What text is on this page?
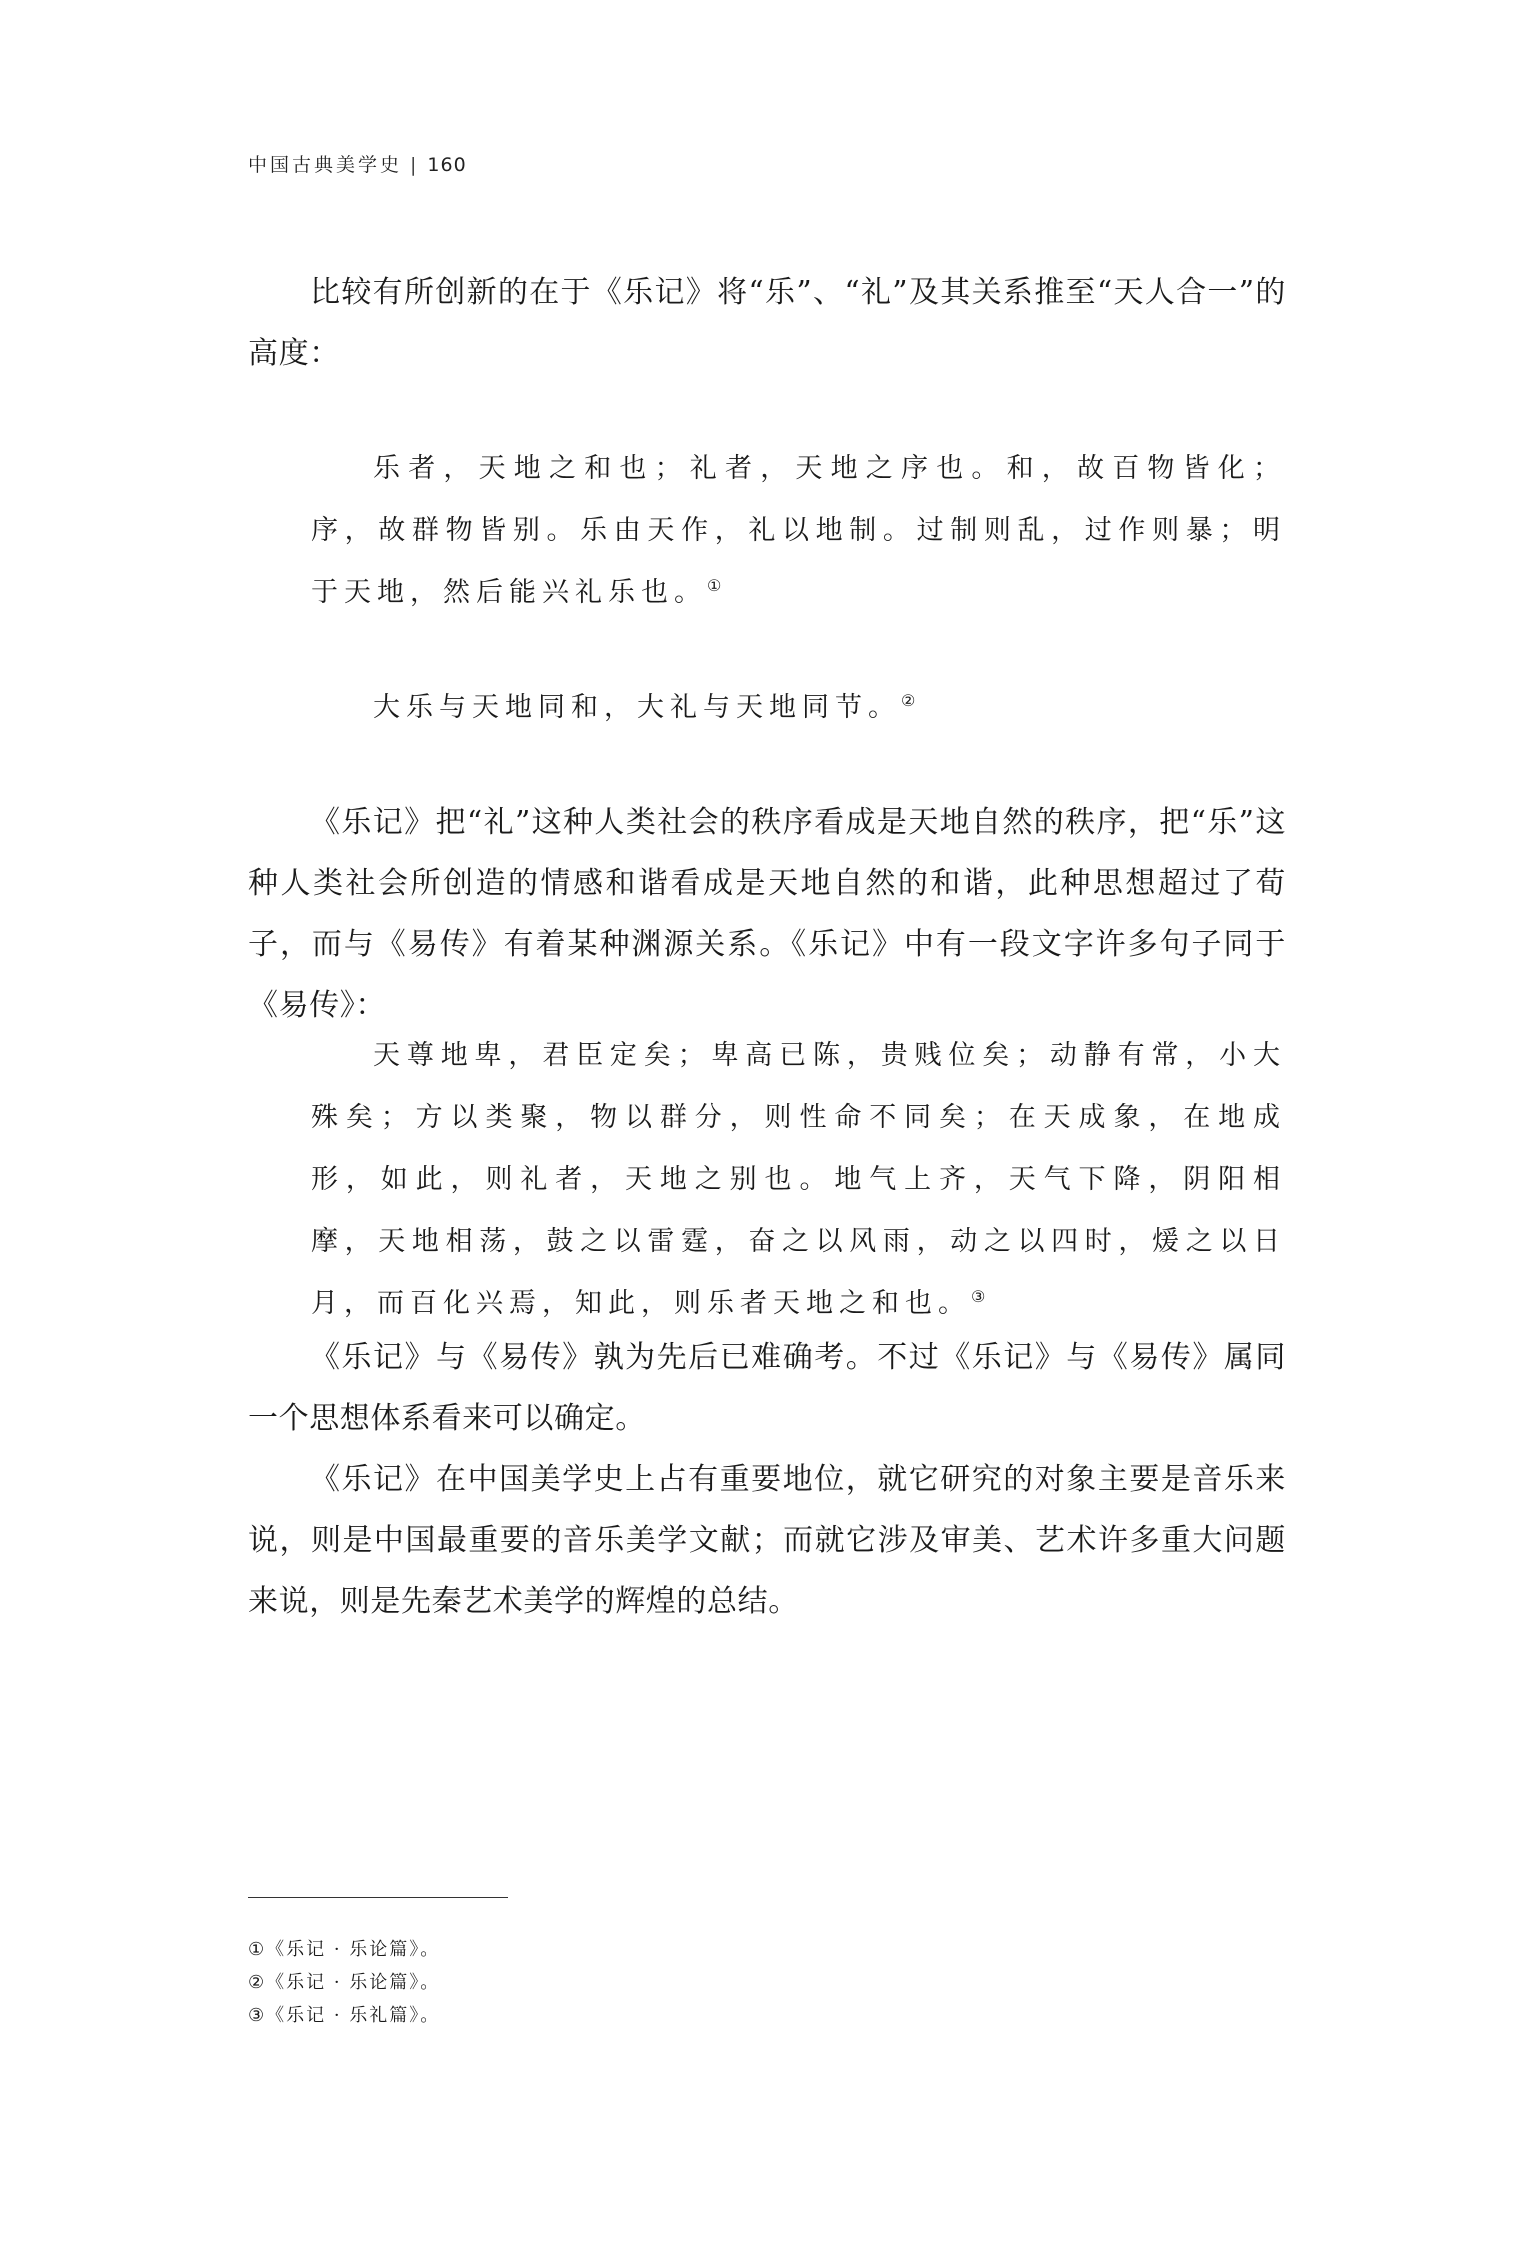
中国古典美学史 | 160

比较有所创新的在于《乐记》将“乐”、“礼”及其关系推至“天人合一”的高度：

乐者，天地之和也；礼者，天地之序也。和，故百物皆化；序，故群物皆别。乐由天作，礼以地制。过制则乱，过作则暴；明于天地，然后能兴礼乐也。①

大乐与天地同和，大礼与天地同节。②

《乐记》把“礼”这种人类社会的秩序看成是天地自然的秩序，把“乐”这种人类社会所创造的情感和谐看成是天地自然的和谐，此种思想超过了荀子，而与《易传》有着某种渊源关系。《乐记》中有一段文字许多句子同于《易传》：

天尊地卑，君臣定矣；卑高已陈，贵贱位矣；动静有常，小大殊矣；方以类聚，物以群分，则性命不同矣；在天成象，在地成形，如此，则礼者，天地之别也。地气上齐，天气下降，阴阳相摩，天地相荡，鼓之以雷霆，奋之以风雨，动之以四时，煖之以日月，而百化兴焉，知此，则乐者天地之和也。③

《乐记》与《易传》孰为先后已难确考。不过《乐记》与《易传》属同一个思想体系看来可以确定。

《乐记》在中国美学史上占有重要地位，就它研究的对象主要是音乐来说，则是中国最重要的音乐美学文献；而就它涉及审美、艺术许多重大问题来说，则是先秦艺术美学的辉煌的总结。

① 《乐记 · 乐论篇》。
② 《乐记 · 乐论篇》。
③ 《乐记 · 乐礼篇》。
